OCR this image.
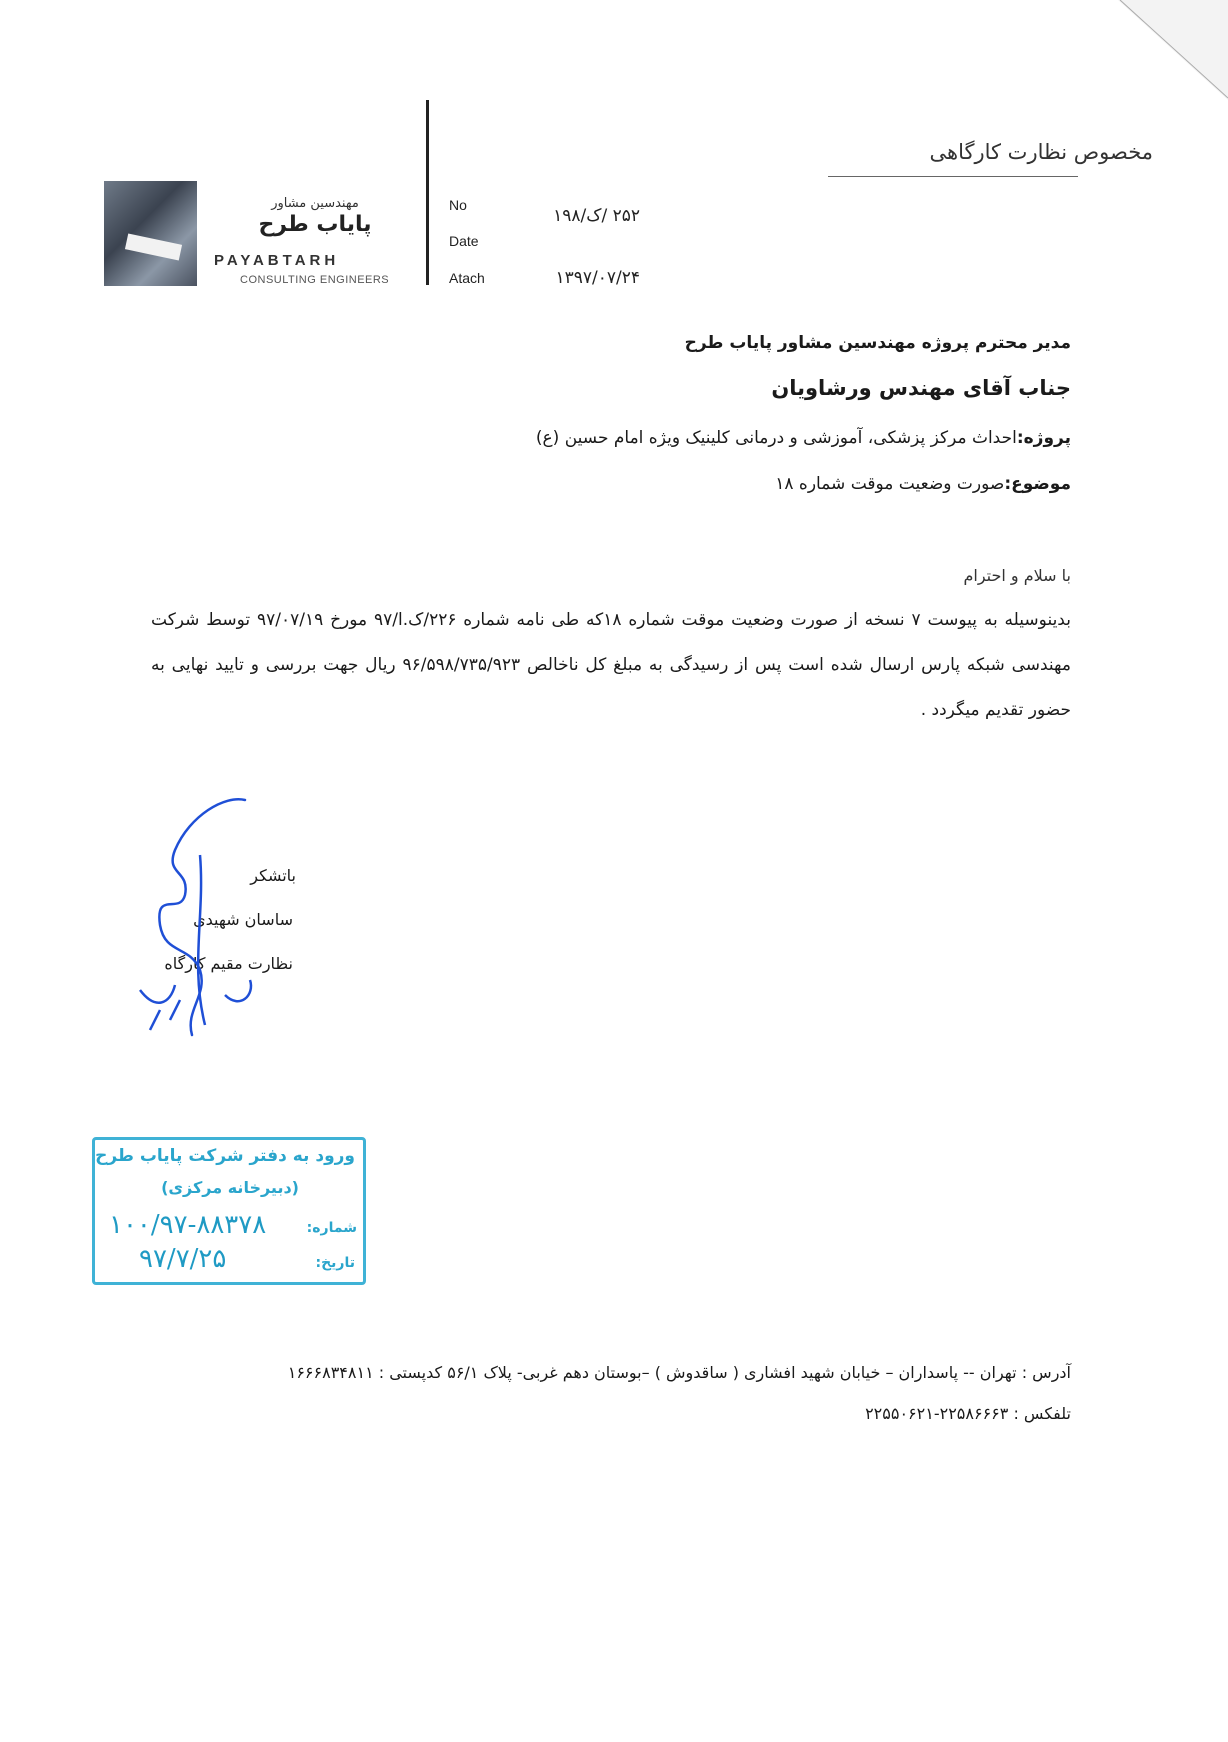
مخصوص نظارت کارگاهی
مهندسین مشاور
پایاب طرح
PAYABTARH
CONSULTING ENGINEERS
No
Date
Atach
۲۵۲ /ک/۱۹۸
۱۳۹۷/۰۷/۲۴
مدیر محترم پروژه مهندسین مشاور پایاب طرح
جناب آقای مهندس ورشاویان
پروژه:احداث مرکز پزشکی، آموزشی و درمانی کلینیک ویژه امام حسین (ع)
موضوع:صورت وضعیت موقت شماره ۱۸
با سلام و احترام
بدینوسیله به پیوست ۷ نسخه از صورت وضعیت موقت شماره ۱۸که طی نامه شماره ۲۲۶/ک.ا/۹۷ مورخ ۹۷/۰۷/۱۹ توسط شرکت مهندسی شبکه پارس ارسال شده است پس از رسیدگی به مبلغ کل ناخالص ۹۶/۵۹۸/۷۳۵/۹۲۳ ریال جهت بررسی و تایید نهایی به حضور تقدیم میگردد .
باتشکر
ساسان شهیدی
نظارت مقیم کارگاه
ورود به دفتر شرکت پایاب طرح
(دبیرخانه مرکزی)
شماره:
۱۰۰/۹۷-۸۸۳۷۸
تاریخ:
۹۷/۷/۲۵
آدرس : تهران -- پاسداران – خیابان شهید افشاری ( ساقدوش ) –بوستان دهم غربی- پلاک ۵۶/۱ کدپستی : ۱۶۶۶۸۳۴۸۱۱
تلفکس : ۲۲۵۸۶۶۶۳-۲۲۵۵۰۶۲۱
